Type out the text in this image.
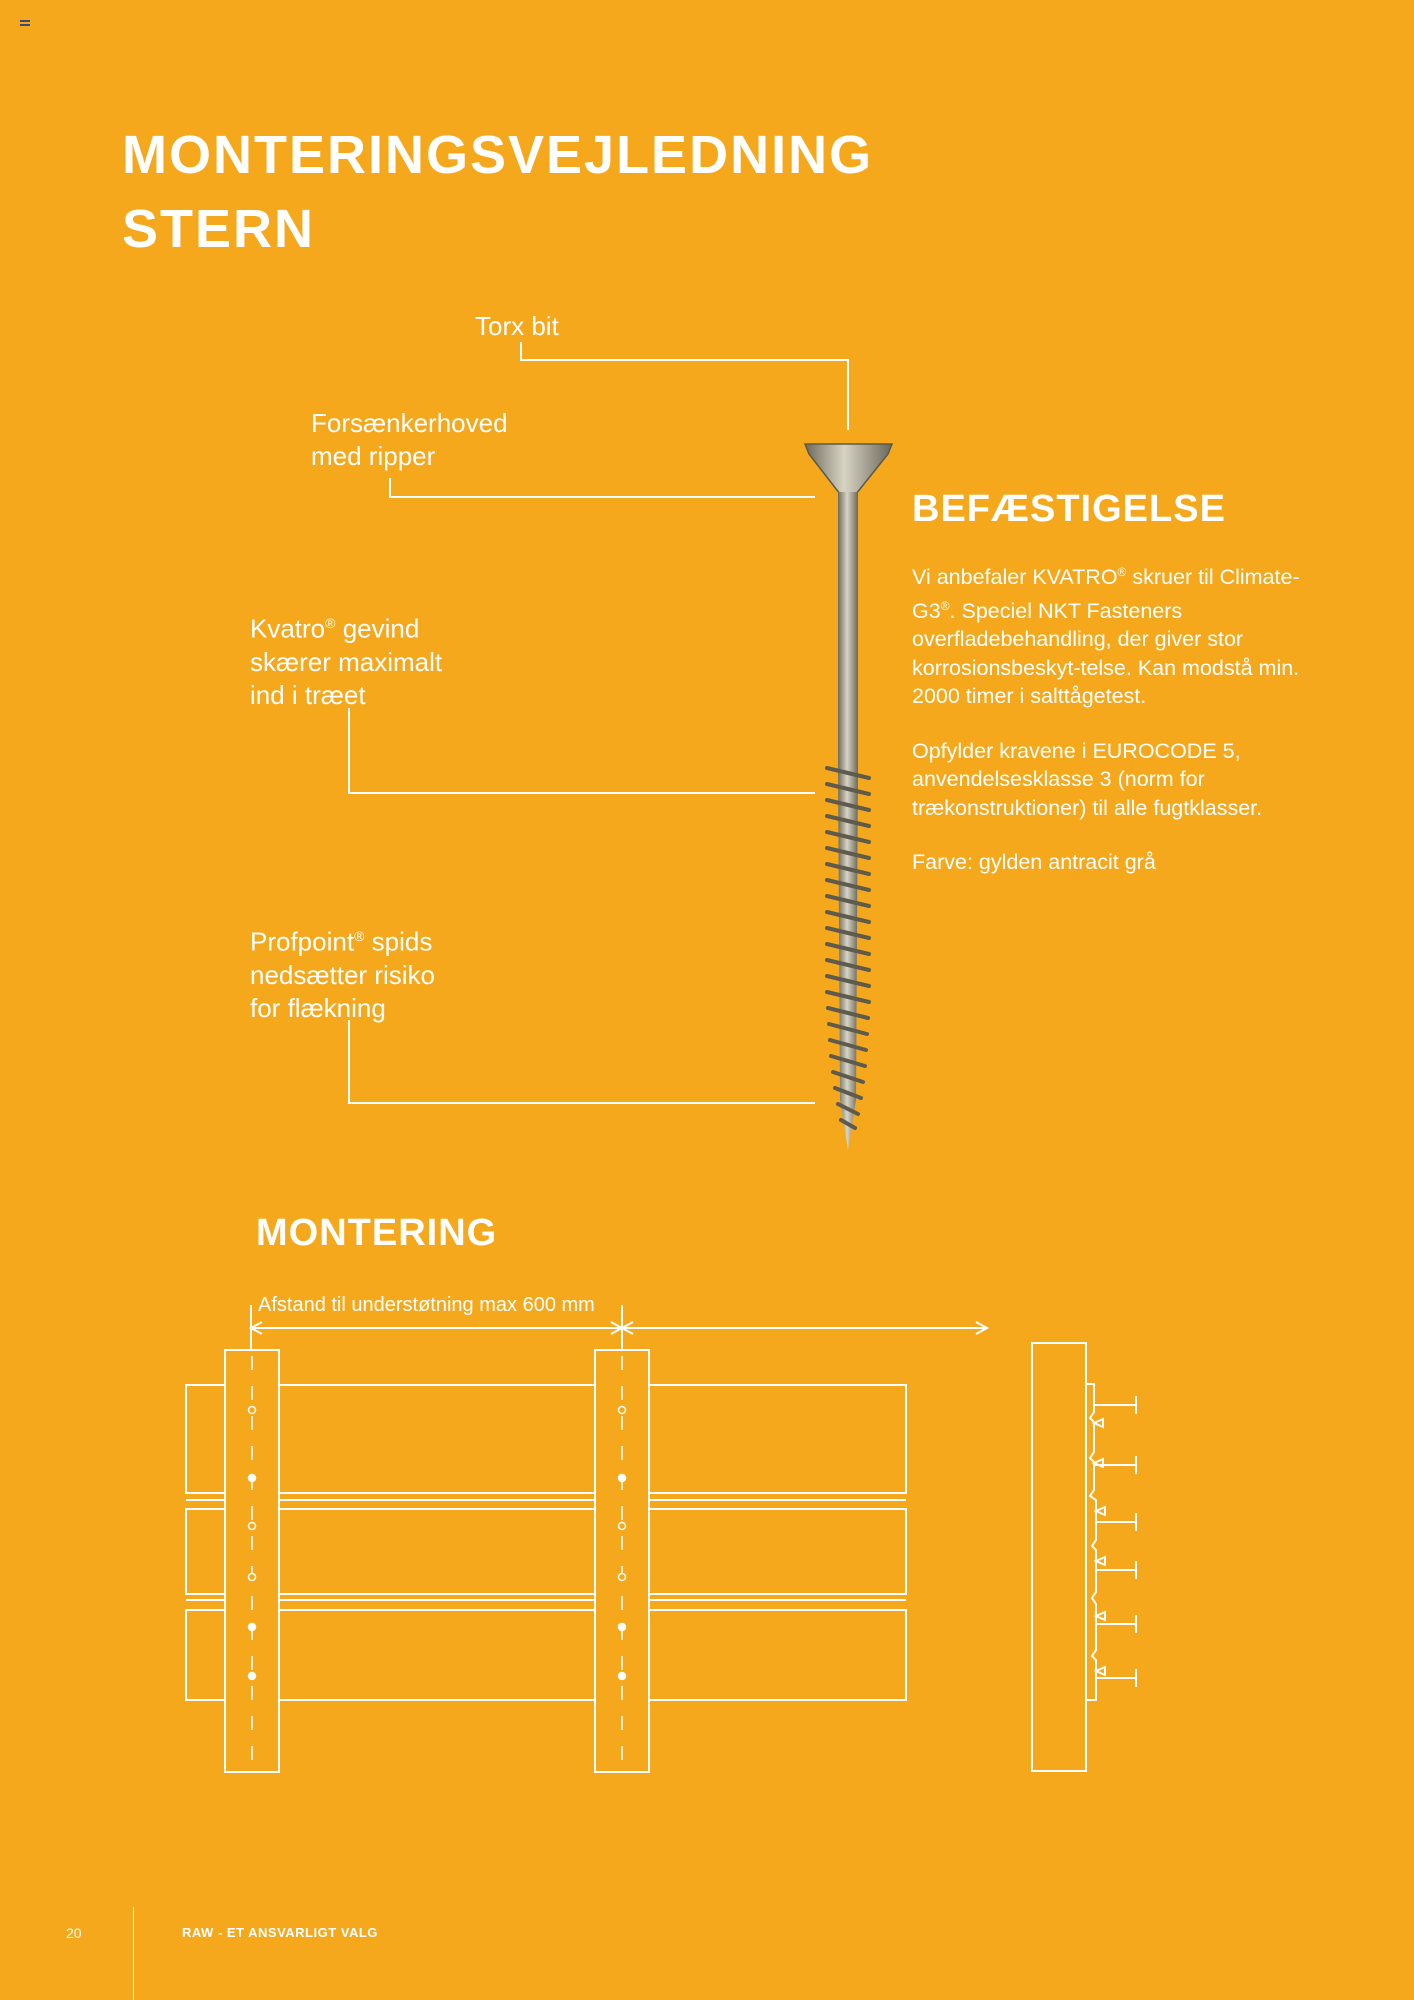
MONTERINGSVEJLEDNING
STERN
Torx bit
Forsænkerhoved
med ripper
Kvatro® gevind
skærer maximalt
ind i træet
Profpoint® spids
nedsætter risiko
for flækning
BEFÆSTIGELSE

Vi anbefaler KVATRO® skruer til Climate-G3®. Speciel NKT Fasteners overfladebehandling, der giver stor korrosionsbeskyt-telse. Kan modstå min. 2000 timer i salttågetest.

Opfylder kravene i EUROCODE 5, anvendelsesklasse 3 (norm for trækonstruktioner) til alle fugtklasser.

Farve: gylden antracit grå

MONTERING
Afstand til understøtning max 600 mm
20	RAW - ET ANSVARLIGT VALG
